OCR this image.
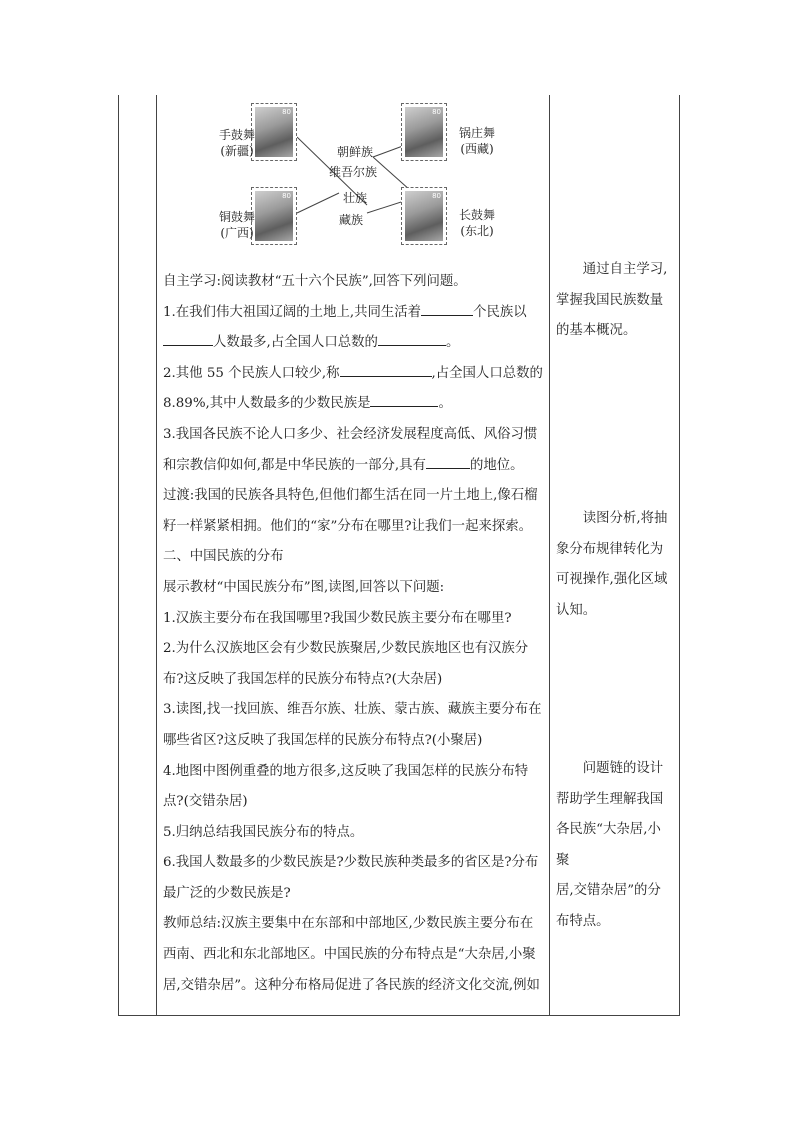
80	80
80	80
手鼓舞
(新疆)
锅庄舞
(西藏)
铜鼓舞
(广西)
长鼓舞
(东北)
朝鲜族
维吾尔族
壮族
藏族

自主学习:阅读教材“五十六个民族”,回答下列问题。

1.在我们伟大祖国辽阔的土地上,共同生活着	个民族以

人数最多,占全国人口总数的	。

2.其他 55 个民族人口较少,称	,占全国人口总数的

8.89%,其中人数最多的少数民族是	。

3.我国各民族不论人口多少、社会经济发展程度高低、风俗习惯

和宗教信仰如何,都是中华民族的一部分,具有	的地位。

过渡:我国的民族各具特色,但他们都生活在同一片土地上,像石榴

籽一样紧紧相拥。他们的“家”分布在哪里?让我们一起来探索。

二、中国民族的分布

展示教材“中国民族分布”图,读图,回答以下问题:

1.汉族主要分布在我国哪里?我国少数民族主要分布在哪里?

2.为什么汉族地区会有少数民族聚居,少数民族地区也有汉族分

布?这反映了我国怎样的民族分布特点?(大杂居)

3.读图,找一找回族、维吾尔族、壮族、蒙古族、藏族主要分布在

哪些省区?这反映了我国怎样的民族分布特点?(小聚居)

4.地图中图例重叠的地方很多,这反映了我国怎样的民族分布特

点?(交错杂居)

5.归纳总结我国民族分布的特点。

6.我国人数最多的少数民族是?少数民族种类最多的省区是?分布

最广泛的少数民族是?

教师总结:汉族主要集中在东部和中部地区,少数民族主要分布在

西南、西北和东北部地区。中国民族的分布特点是“大杂居,小聚

居,交错杂居”。这种分布格局促进了各民族的经济文化交流,例如

通过自主学习,

掌握我国民族数量

的基本概况。

读图分析,将抽

象分布规律转化为

可视操作,强化区域

认知。

问题链的设计

帮助学生理解我国

各民族“大杂居,小聚

居,交错杂居”的分

布特点。
